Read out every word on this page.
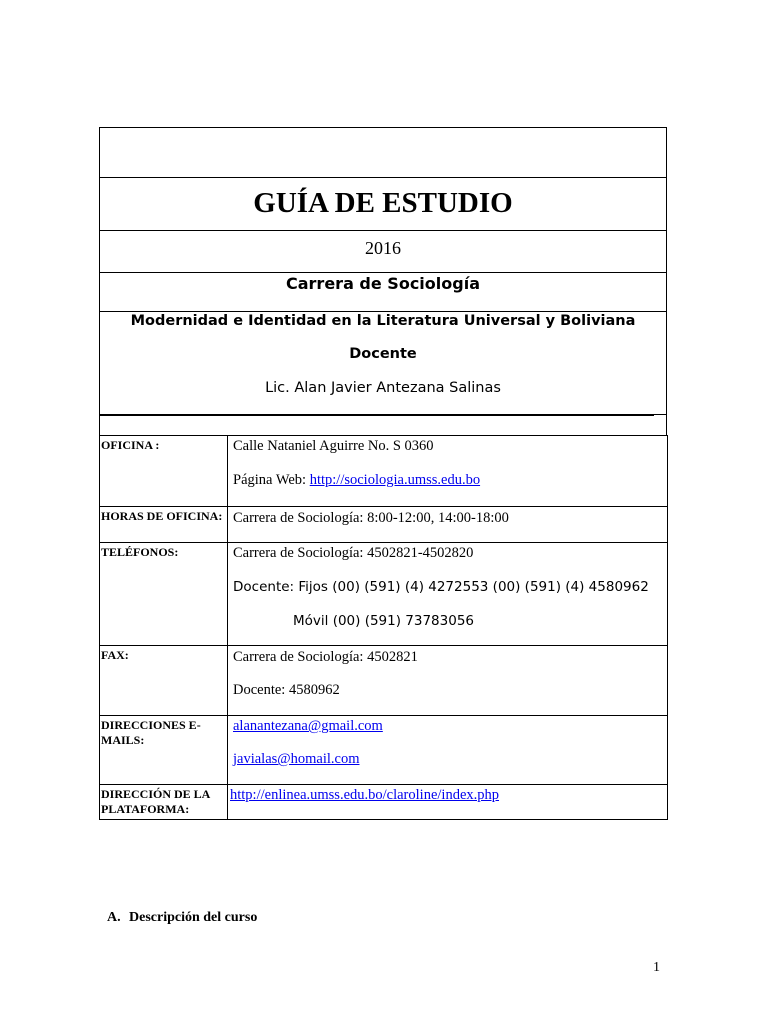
GUÍA DE ESTUDIO
2016
Carrera de Sociología
Modernidad e Identidad en la Literatura Universal y Boliviana
Docente
Lic. Alan Javier Antezana Salinas
OFICINA :	Calle Nataniel Aguirre No. S 0360

Página Web: http://sociologia.umss.edu.bo

HORAS DE OFICINA:	Carrera de Sociología: 8:00-12:00, 14:00-18:00

TELÉFONOS:	Carrera de Sociología: 4502821-4502820

Docente: Fijos (00) (591) (4) 4272553 (00) (591) (4) 4580962

Móvil (00) (591) 73783056

FAX:	Carrera de Sociología: 4502821

Docente: 4580962

DIRECCIONES E-MAILS:	alanantezana@gmail.com

javialas@homail.com

DIRECCIÓN DE LA PLATAFORMA:	http://enlinea.umss.edu.bo/claroline/index.php

A. Descripción del curso
1
